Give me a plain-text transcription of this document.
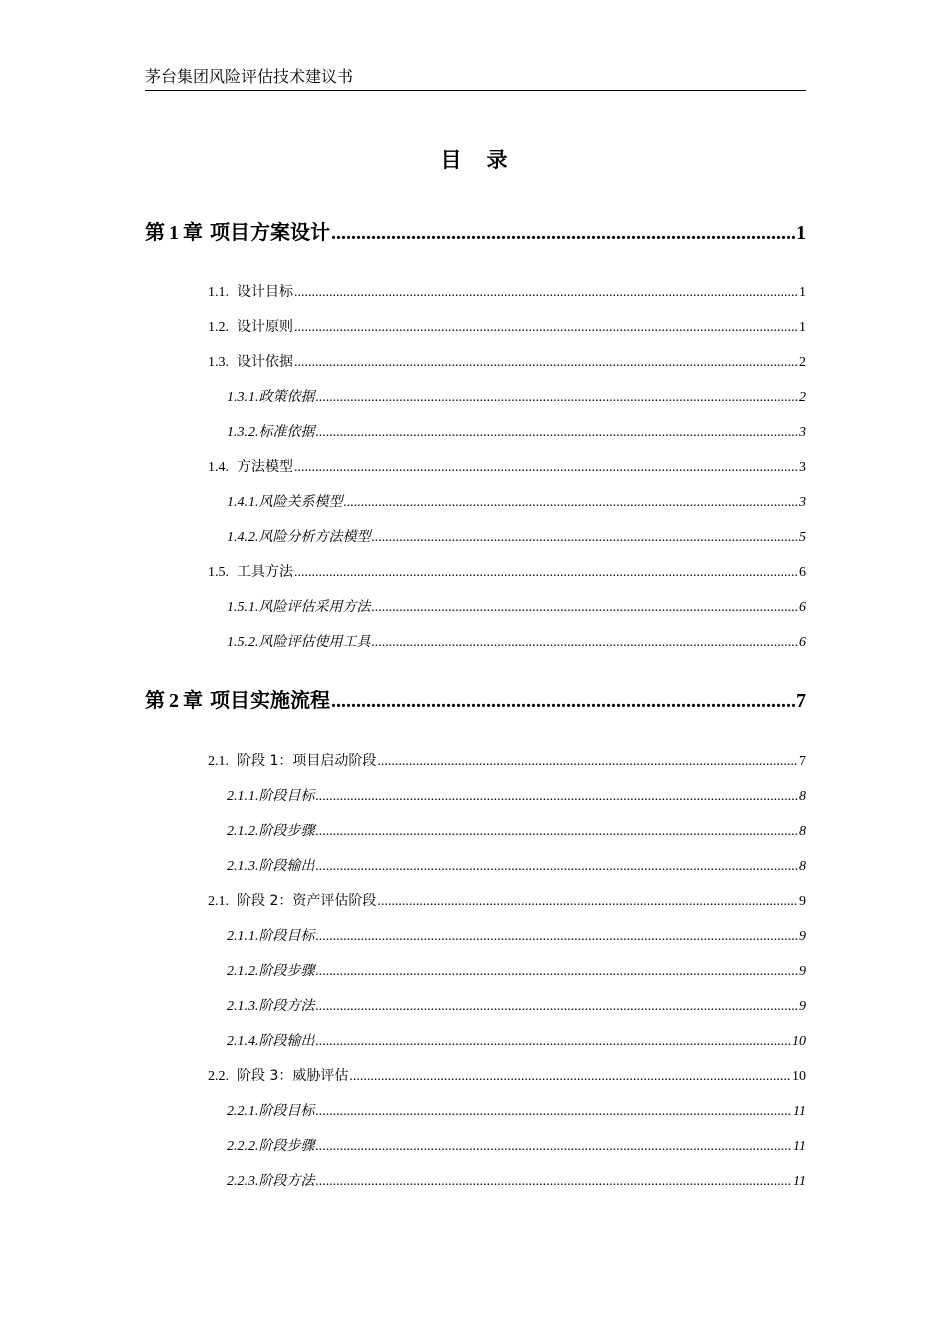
茅台集团风险评估技术建议书
目　录
第 1 章 项目方案设计 .....	1
1.1. 设计目标 .....	1
1.2. 设计原则 .....	1
1.3. 设计依据 .....	2
1.3.1. 政策依据 .....	2
1.3.2. 标准依据 .....	3
1.4. 方法模型 .....	3
1.4.1. 风险关系模型 .....	3
1.4.2. 风险分析方法模型 .....	5
1.5. 工具方法 .....	6
1.5.1. 风险评估采用方法 .....	6
1.5.2. 风险评估使用工具 .....	6
第 2 章 项目实施流程 .....	7
2.1. 阶段 1：项目启动阶段 .....	7
2.1.1. 阶段目标 .....	8
2.1.2. 阶段步骤 .....	8
2.1.3. 阶段输出 .....	8
2.1. 阶段 2：资产评估阶段 .....	9
2.1.1. 阶段目标 .....	9
2.1.2. 阶段步骤 .....	9
2.1.3. 阶段方法 .....	9
2.1.4. 阶段输出 .....	10
2.2. 阶段 3：威胁评估 .....	10
2.2.1. 阶段目标 .....	11
2.2.2. 阶段步骤 .....	11
2.2.3. 阶段方法 .....	11
